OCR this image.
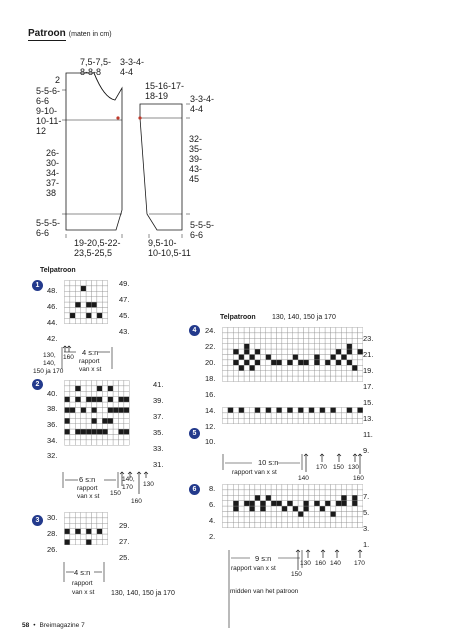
Patroon (maten in cm)
7,5-7,5-
8-8-8
3-3-4-
4-4
2
5-5-6-
6-6
9-10-
10-11-
12
26-
30-
34-
37-
38
5-5-5-
6-6
19-20,5-22-
23,5-25,5
15-16-17-
18-19	3-3-4-
4-4
32-
35-
39-
43-
45
5-5-5-
6-6
9,5-10-
10-10,5-11
Telpatroon
Telpatroon 130, 140, 150 ja 170
1
48.
46.
44.
42.
49.
47.
45.
43.
130,
140,
150 ja 170
160
4 s:n
rapport
van x st
2
40.
38.
36.
34.
32.
41.
39.
37.
35.
33.
31.
6 s:n
rapport
van x st 150
140,
170
160
130
3	30.
28.
26.
29.
27.
25.
4 s:n
rapport
van x st 130, 140, 150 ja 170
4	24.
22.
20.
18.
16.
14.
12.
23.
21.
19.
17.
15.
13.
5
10.
11.
9.
10 s:n
rapport van x st
140
170 150 130
160
6	8.
6.
4.
2.
7.
5.
3.
1.
9 s:n
rapport van x st
150
130 160 140 170
midden van het patroon
58 • Breimagazine 7
